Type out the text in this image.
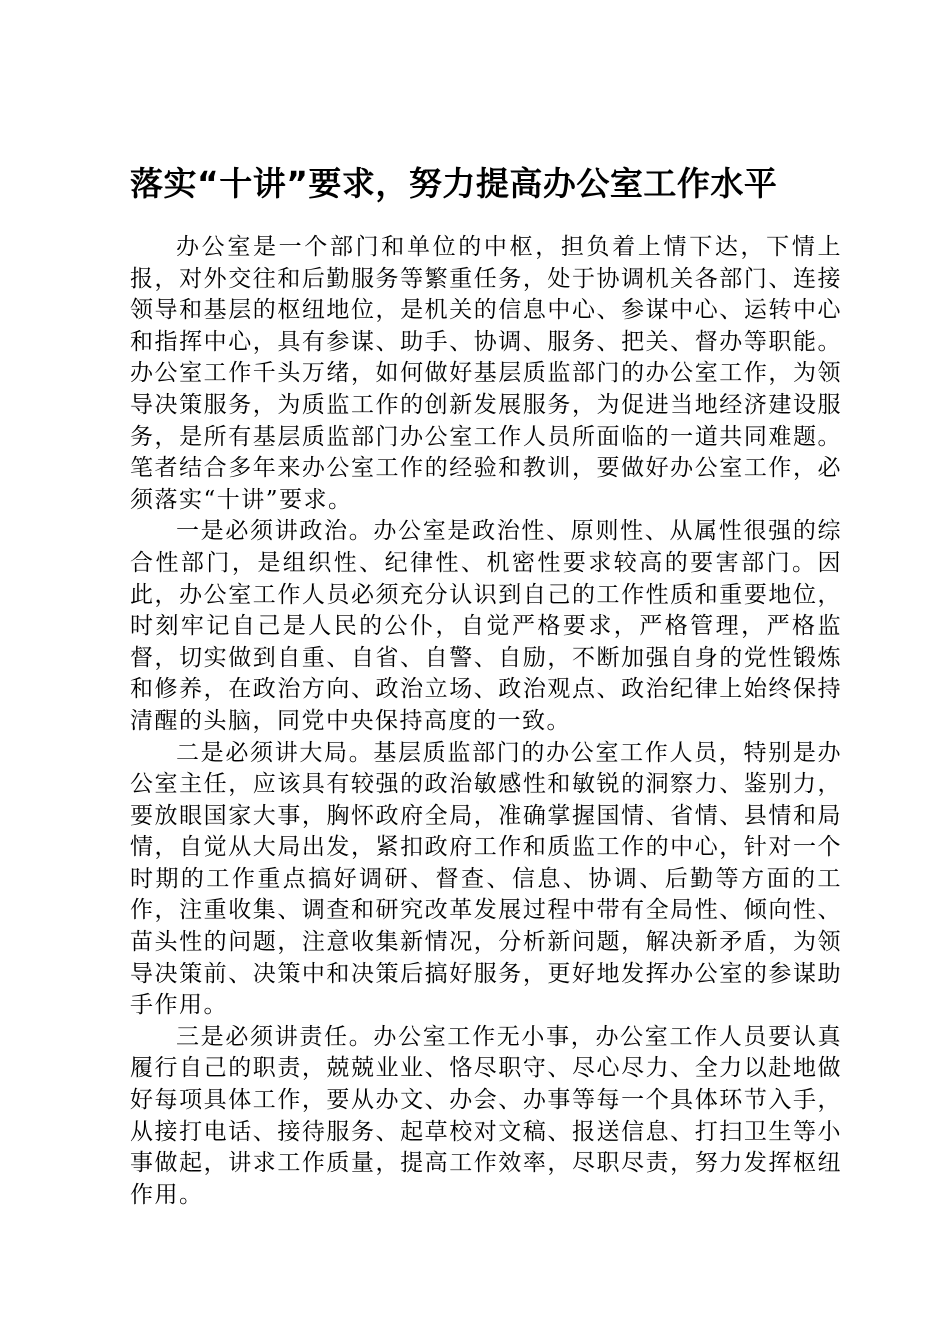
落实“十讲”要求，努力提高办公室工作水平

办公室是一个部门和单位的中枢，担负着上情下达，下情上报，对外交往和后勤服务等繁重任务，处于协调机关各部门、连接领导和基层的枢纽地位，是机关的信息中心、参谋中心、运转中心和指挥中心，具有参谋、助手、协调、服务、把关、督办等职能。办公室工作千头万绪，如何做好基层质监部门的办公室工作，为领导决策服务，为质监工作的创新发展服务，为促进当地经济建设服务，是所有基层质监部门办公室工作人员所面临的一道共同难题。笔者结合多年来办公室工作的经验和教训，要做好办公室工作，必须落实“十讲”要求。

一是必须讲政治。办公室是政治性、原则性、从属性很强的综合性部门，是组织性、纪律性、机密性要求较高的要害部门。因此，办公室工作人员必须充分认识到自己的工作性质和重要地位，时刻牢记自己是人民的公仆，自觉严格要求，严格管理，严格监督，切实做到自重、自省、自警、自励，不断加强自身的党性锻炼和修养，在政治方向、政治立场、政治观点、政治纪律上始终保持清醒的头脑，同党中央保持高度的一致。

二是必须讲大局。基层质监部门的办公室工作人员，特别是办公室主任，应该具有较强的政治敏感性和敏锐的洞察力、鉴别力，要放眼国家大事，胸怀政府全局，准确掌握国情、省情、县情和局情，自觉从大局出发，紧扣政府工作和质监工作的中心，针对一个时期的工作重点搞好调研、督查、信息、协调、后勤等方面的工作，注重收集、调查和研究改革发展过程中带有全局性、倾向性、苗头性的问题，注意收集新情况，分析新问题，解决新矛盾，为领导决策前、决策中和决策后搞好服务，更好地发挥办公室的参谋助手作用。

三是必须讲责任。办公室工作无小事，办公室工作人员要认真履行自己的职责，兢兢业业、恪尽职守、尽心尽力、全力以赴地做好每项具体工作，要从办文、办会、办事等每一个具体环节入手，从接打电话、接待服务、起草校对文稿、报送信息、打扫卫生等小事做起，讲求工作质量，提高工作效率，尽职尽责，努力发挥枢纽作用。
